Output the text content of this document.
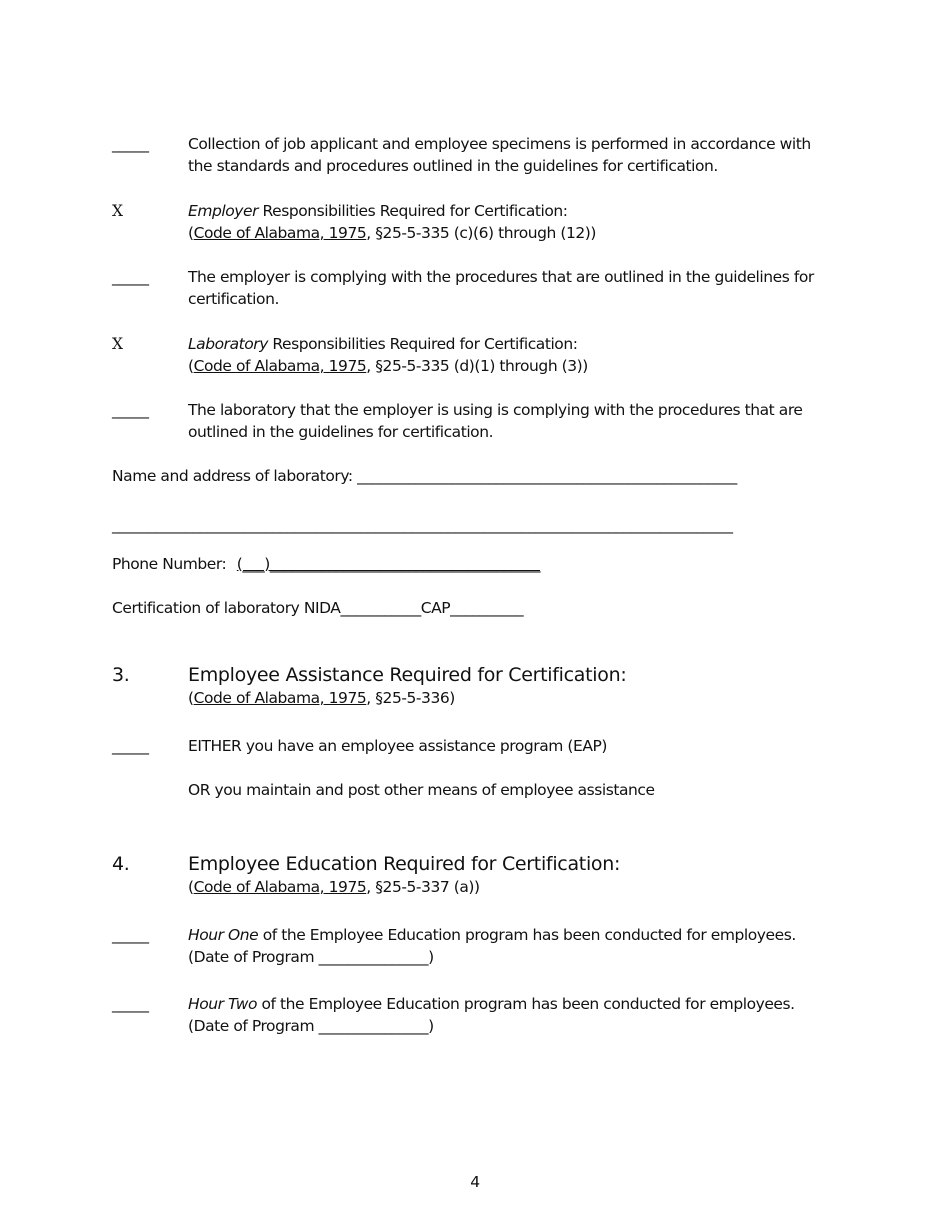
_____	Collection of job applicant and employee specimens is performed in accordance with the standards and procedures outlined in the guidelines for certification.
X	Employer Responsibilities Required for Certification:
(Code of Alabama, 1975, §25-5-335 (c)(6) through (12))
_____	The employer is complying with the procedures that are outlined in the guidelines for certification.
X	Laboratory Responsibilities Required for Certification:
(Code of Alabama, 1975, §25-5-335 (d)(1) through (3))
_____	The laboratory that the employer is using is complying with the procedures that are outlined in the guidelines for certification.
Name and address of laboratory: ____________________________________________________
_____________________________________________________________________________________
Phone Number: (___)_____________________________________
Certification of laboratory NIDA___________CAP__________
3.	Employee Assistance Required for Certification:
(Code of Alabama, 1975, §25-5-336)
_____	EITHER you have an employee assistance program (EAP)
OR you maintain and post other means of employee assistance
4.	Employee Education Required for Certification:
(Code of Alabama, 1975, §25-5-337 (a))
_____	Hour One of the Employee Education program has been conducted for employees.
(Date of Program _______________)
_____	Hour Two of the Employee Education program has been conducted for employees.
(Date of Program _______________)
4
